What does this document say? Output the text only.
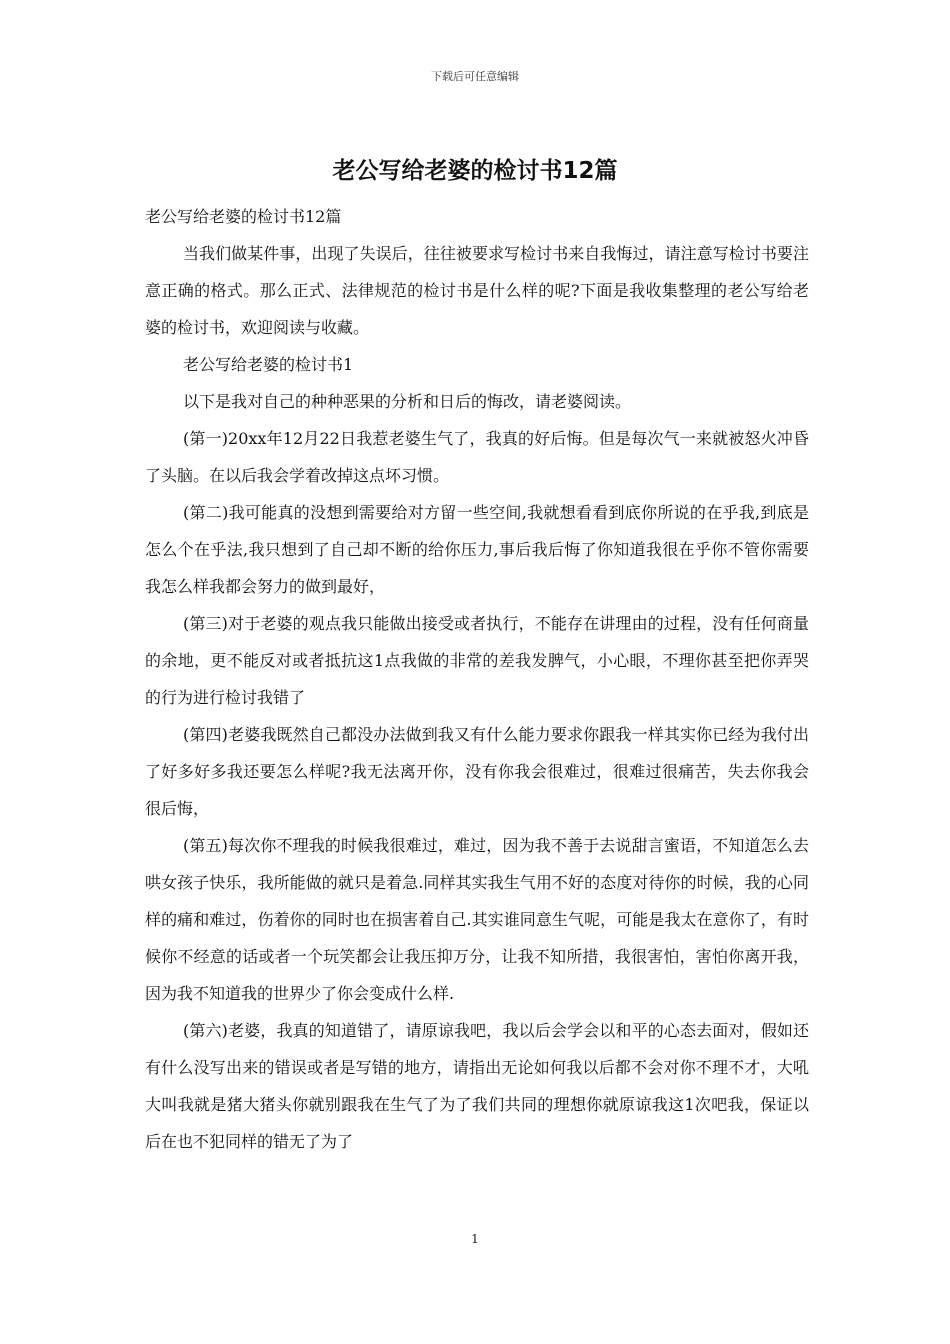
下载后可任意编辑
老公写给老婆的检讨书12篇

老公写给老婆的检讨书12篇

当我们做某件事，出现了失误后，往往被要求写检讨书来自我悔过，请注意写检讨书要注意正确的格式。那么正式、法律规范的检讨书是什么样的呢?下面是我收集整理的老公写给老婆的检讨书，欢迎阅读与收藏。

老公写给老婆的检讨书1

以下是我对自己的种种恶果的分析和日后的悔改，请老婆阅读。

(第一)20xx年12月22日我惹老婆生气了，我真的好后悔。但是每次气一来就被怒火冲昏了头脑。在以后我会学着改掉这点坏习惯。

(第二)我可能真的没想到需要给对方留一些空间,我就想看看到底你所说的在乎我,到底是怎么个在乎法,我只想到了自己却不断的给你压力,事后我后悔了你知道我很在乎你不管你需要我怎么样我都会努力的做到最好，

(第三)对于老婆的观点我只能做出接受或者执行，不能存在讲理由的过程，没有任何商量的余地，更不能反对或者抵抗这1点我做的非常的差我发脾气，小心眼，不理你甚至把你弄哭的行为进行检讨我错了

(第四)老婆我既然自己都没办法做到我又有什么能力要求你跟我一样其实你已经为我付出了好多好多我还要怎么样呢?我无法离开你，没有你我会很难过，很难过很痛苦，失去你我会很后悔，

(第五)每次你不理我的时候我很难过，难过，因为我不善于去说甜言蜜语，不知道怎么去哄女孩子快乐，我所能做的就只是着急.同样其实我生气用不好的态度对待你的时候，我的心同样的痛和难过，伤着你的同时也在损害着自己.其实谁同意生气呢，可能是我太在意你了，有时候你不经意的话或者一个玩笑都会让我压抑万分，让我不知所措，我很害怕，害怕你离开我，因为我不知道我的世界少了你会变成什么样.

(第六)老婆，我真的知道错了，请原谅我吧，我以后会学会以和平的心态去面对，假如还有什么没写出来的错误或者是写错的地方，请指出无论如何我以后都不会对你不理不才，大吼大叫我就是猪大猪头你就别跟我在生气了为了我们共同的理想你就原谅我这1次吧我，保证以后在也不犯同样的错无了为了

1
